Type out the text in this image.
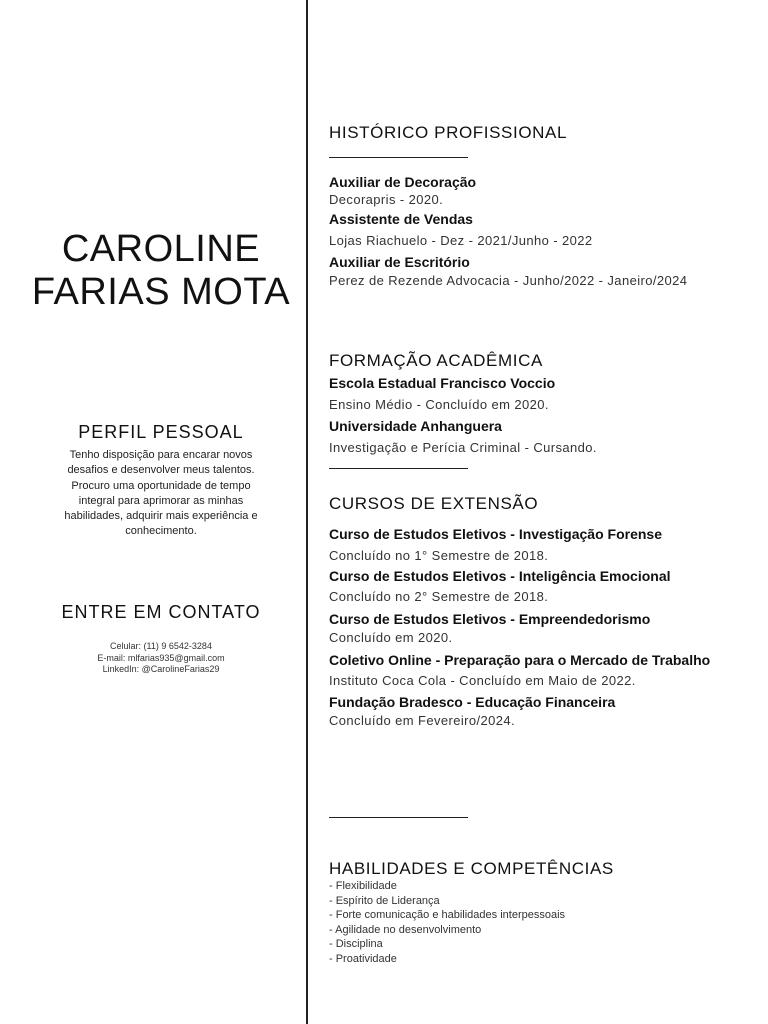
CAROLINE
FARIAS MOTA
PERFIL PESSOAL
Tenho disposição para encarar novos
desafios e desenvolver meus talentos.
Procuro uma oportunidade de tempo
integral para aprimorar as minhas
habilidades, adquirir mais experiência e
conhecimento.
ENTRE EM CONTATO
Celular: (11) 9 6542-3284
E-mail: mlfarias935@gmail.com
LinkedIn: @CarolineFarias29
HISTÓRICO PROFISSIONAL
Auxiliar de Decoração
Decorapris - 2020.
Assistente de Vendas
Lojas Riachuelo - Dez - 2021/Junho - 2022
Auxiliar de Escritório
Perez de Rezende Advocacia - Junho/2022 - Janeiro/2024
FORMAÇÃO ACADÊMICA
Escola Estadual Francisco Voccio
Ensino Médio - Concluído em 2020.
Universidade Anhanguera
Investigação e Perícia Criminal - Cursando.
CURSOS DE EXTENSÃO
Curso de Estudos Eletivos - Investigação Forense
Concluído no 1° Semestre de 2018.
Curso de Estudos Eletivos - Inteligência Emocional
Concluído no 2° Semestre de 2018.
Curso de Estudos Eletivos - Empreendedorismo
Concluído em 2020.
Coletivo Online - Preparação para o Mercado de Trabalho
Instituto Coca Cola - Concluído em Maio de 2022.
Fundação Bradesco - Educação Financeira
Concluído em Fevereiro/2024.
HABILIDADES E COMPETÊNCIAS
- Flexibilidade
- Espírito de Liderança
- Forte comunicação e habilidades interpessoais
- Agilidade no desenvolvimento
- Disciplina
- Proatividade
